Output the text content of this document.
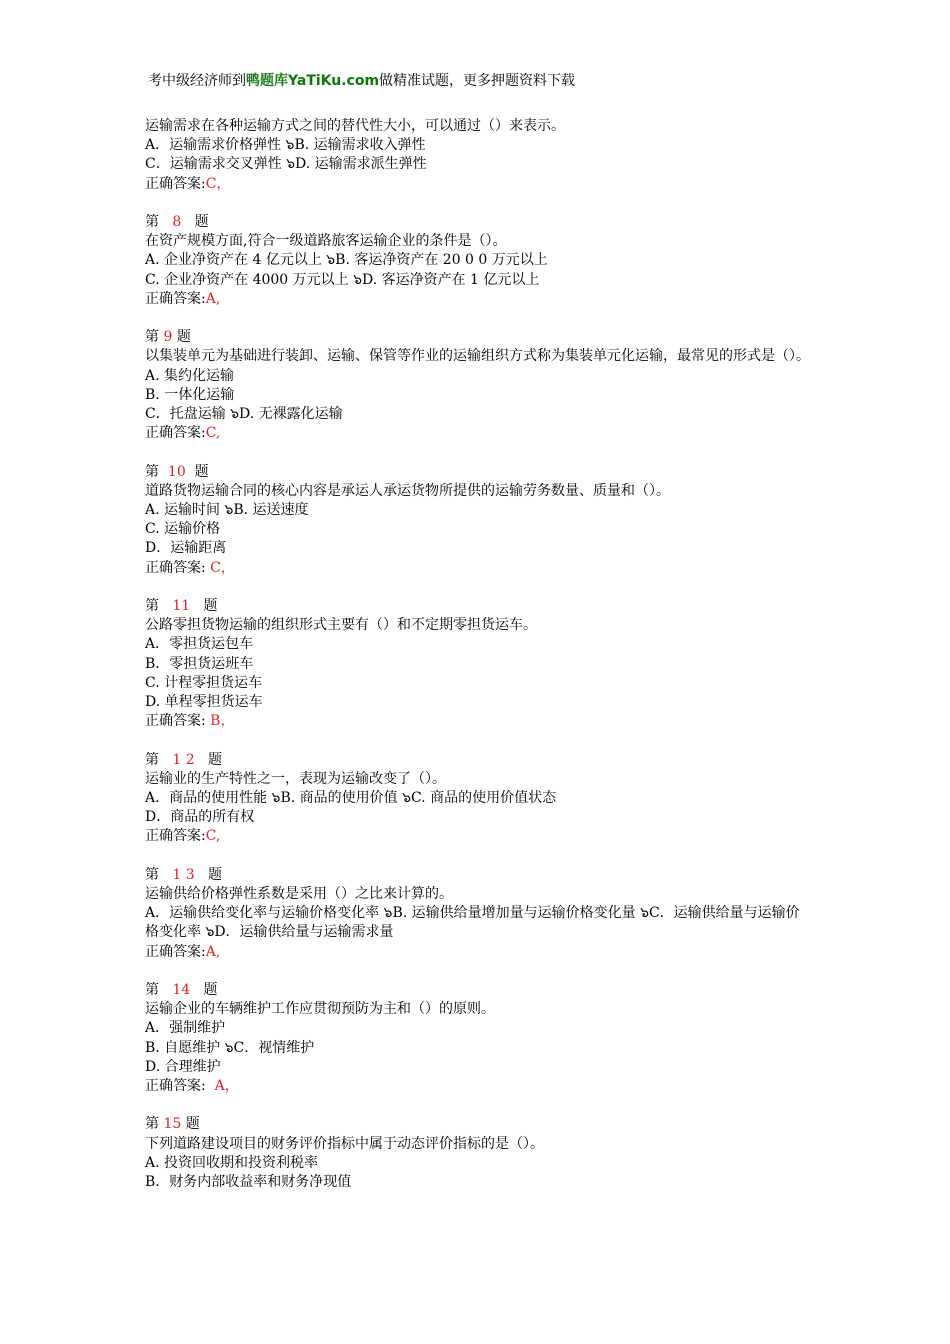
考中级经济师到鸭题库YaTiKu.com做精准试题，更多押题资料下载
运输需求在各种运输方式之间的替代性大小，可以通过（）来表示。
A．运输需求价格弹性 ๖B. 运输需求收入弹性
C．运输需求交叉弹性 ๖D. 运输需求派生弹性
正确答案:C，
第   8   题
在资产规模方面,符合一级道路旅客运输企业的条件是（）。
A. 企业净资产在 4 亿元以上 ๖B. 客运净资产在 20 0 0 万元以上
C. 企业净资产在 4000 万元以上 ๖D. 客运净资产在 1 亿元以上
正确答案:A,
第 9 题
以集装单元为基础进行装卸、运输、保管等作业的运输组织方式称为集装单元化运输，最常见的形式是（）。
A. 集约化运输
B. 一体化运输
C．托盘运输 ๖D. 无裸露化运输
正确答案:C,
第  10  题
道路货物运输合同的核心内容是承运人承运货物所提供的运输劳务数量、质量和（）。
A. 运输时间 ๖B. 运送速度
C. 运输价格
D．运输距离
正确答案: C，
第   11   题
公路零担货物运输的组织形式主要有（）和不定期零担货运车。
A．零担货运包车
B．零担货运班车
C. 计程零担货运车
D. 单程零担货运车
正确答案: B，
第   1 2   题
运输业的生产特性之一，表现为运输改变了（）。
A．商品的使用性能 ๖B. 商品的使用价值 ๖C. 商品的使用价值状态
D．商品的所有权
正确答案:C,
第   1 3   题
运输供给价格弹性系数是采用（）之比来计算的。
A．运输供给变化率与运输价格变化率 ๖B. 运输供给量增加量与运输价格变化量 ๖C．运输供给量与运输价格变化率 ๖D．运输供给量与运输需求量
正确答案:A,
第   14   题
运输企业的车辆维护工作应贯彻预防为主和（）的原则。
A．强制维护
B. 自愿维护 ๖C．视情维护
D. 合理维护
正确答案: A，
第 15 题
下列道路建设项目的财务评价指标中属于动态评价指标的是（）。
A. 投资回收期和投资利税率
B．财务内部收益率和财务净现值
